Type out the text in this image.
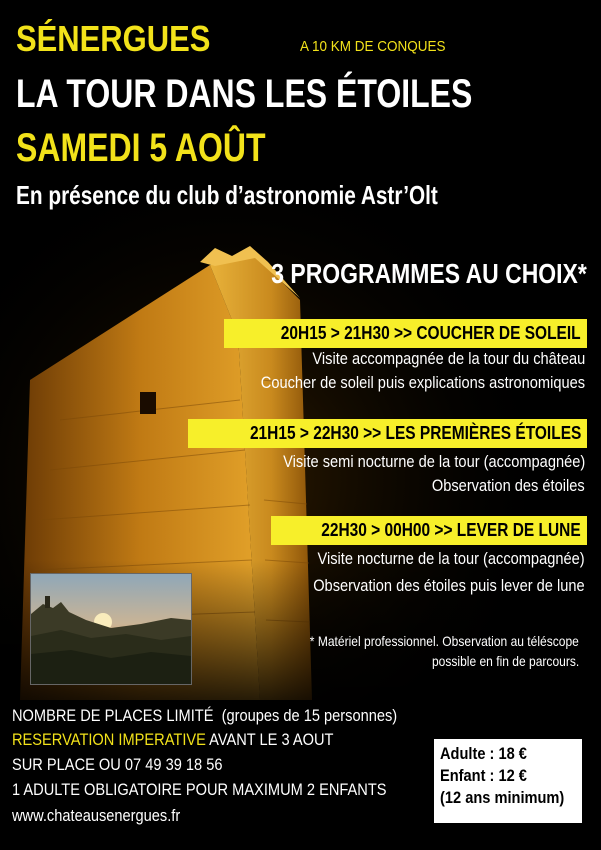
SÉNERGUES	A 10 KM DE CONQUES
LA TOUR DANS LES ÉTOILES
SAMEDI 5 AOÛT
En présence du club d’astronomie Astr’Olt
3 PROGRAMMES AU CHOIX*
20H15 > 21H30 >> COUCHER DE SOLEIL
Visite accompagnée de la tour du château
Coucher de soleil puis explications astronomiques
21H15 > 22H30 >> LES PREMIÈRES ÉTOILES
Visite semi nocturne de la tour (accompagnée)
Observation des étoiles
22H30 > 00H00 >> LEVER DE LUNE
Visite nocturne de la tour (accompagnée)
Observation des étoiles puis lever de lune
* Matériel professionnel. Observation au téléscope
possible en fin de parcours.
NOMBRE DE PLACES LIMITÉ (groupes de 15 personnes)
RESERVATION IMPERATIVE AVANT LE 3 AOUT
SUR PLACE OU 07 49 39 18 56
1 ADULTE OBLIGATOIRE POUR MAXIMUM 2 ENFANTS
www.chateausenergues.fr
Adulte : 18 €
Enfant : 12 €
(12 ans minimum)
